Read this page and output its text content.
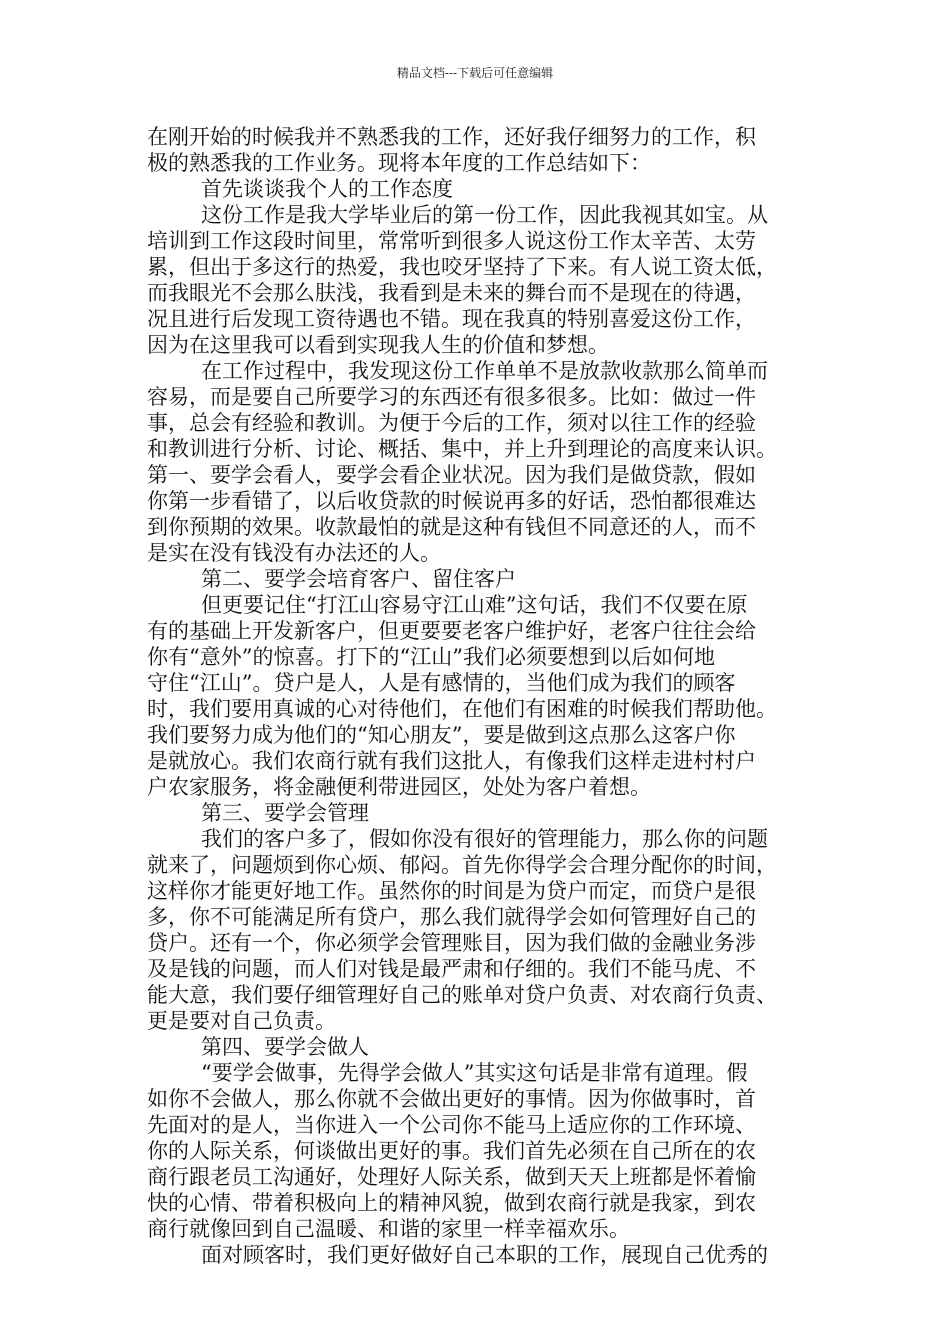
精品文档---下载后可任意编辑
在刚开始的时候我并不熟悉我的工作，还好我仔细努力的工作，积
极的熟悉我的工作业务。现将本年度的工作总结如下：
首先谈谈我个人的工作态度
这份工作是我大学毕业后的第一份工作，因此我视其如宝。从
培训到工作这段时间里，常常听到很多人说这份工作太辛苦、太劳
累，但出于多这行的热爱，我也咬牙坚持了下来。有人说工资太低，
而我眼光不会那么肤浅，我看到是未来的舞台而不是现在的待遇，
况且进行后发现工资待遇也不错。现在我真的特别喜爱这份工作，
因为在这里我可以看到实现我人生的价值和梦想。
在工作过程中，我发现这份工作单单不是放款收款那么简单而
容易，而是要自己所要学习的东西还有很多很多。比如：做过一件
事，总会有经验和教训。为便于今后的工作，须对以往工作的经验
和教训进行分析、讨论、概括、集中，并上升到理论的高度来认识。
第一、要学会看人，要学会看企业状况。因为我们是做贷款，假如
你第一步看错了，以后收贷款的时候说再多的好话，恐怕都很难达
到你预期的效果。收款最怕的就是这种有钱但不同意还的人，而不
是实在没有钱没有办法还的人。
第二、要学会培育客户、留住客户
但更要记住“打江山容易守江山难”这句话，我们不仅要在原
有的基础上开发新客户，但更要要老客户维护好，老客户往往会给
你有“意外”的惊喜。打下的“江山”我们必须要想到以后如何地
守住“江山”。贷户是人，人是有感情的，当他们成为我们的顾客
时，我们要用真诚的心对待他们，在他们有困难的时候我们帮助他。
我们要努力成为他们的“知心朋友”，要是做到这点那么这客户你
是就放心。我们农商行就有我们这批人，有像我们这样走进村村户
户农家服务，将金融便利带进园区，处处为客户着想。
第三、要学会管理
我们的客户多了，假如你没有很好的管理能力，那么你的问题
就来了，问题烦到你心烦、郁闷。首先你得学会合理分配你的时间，
这样你才能更好地工作。虽然你的时间是为贷户而定，而贷户是很
多，你不可能满足所有贷户，那么我们就得学会如何管理好自己的
贷户。还有一个，你必须学会管理账目，因为我们做的金融业务涉
及是钱的问题，而人们对钱是最严肃和仔细的。我们不能马虎、不
能大意，我们要仔细管理好自己的账单对贷户负责、对农商行负责、
更是要对自己负责。
第四、要学会做人
“要学会做事，先得学会做人”其实这句话是非常有道理。假
如你不会做人，那么你就不会做出更好的事情。因为你做事时，首
先面对的是人，当你进入一个公司你不能马上适应你的工作环境、
你的人际关系，何谈做出更好的事。我们首先必须在自己所在的农
商行跟老员工沟通好，处理好人际关系，做到天天上班都是怀着愉
快的心情、带着积极向上的精神风貌，做到农商行就是我家，到农
商行就像回到自己温暖、和谐的家里一样幸福欢乐。
面对顾客时，我们更好做好自己本职的工作，展现自己优秀的
